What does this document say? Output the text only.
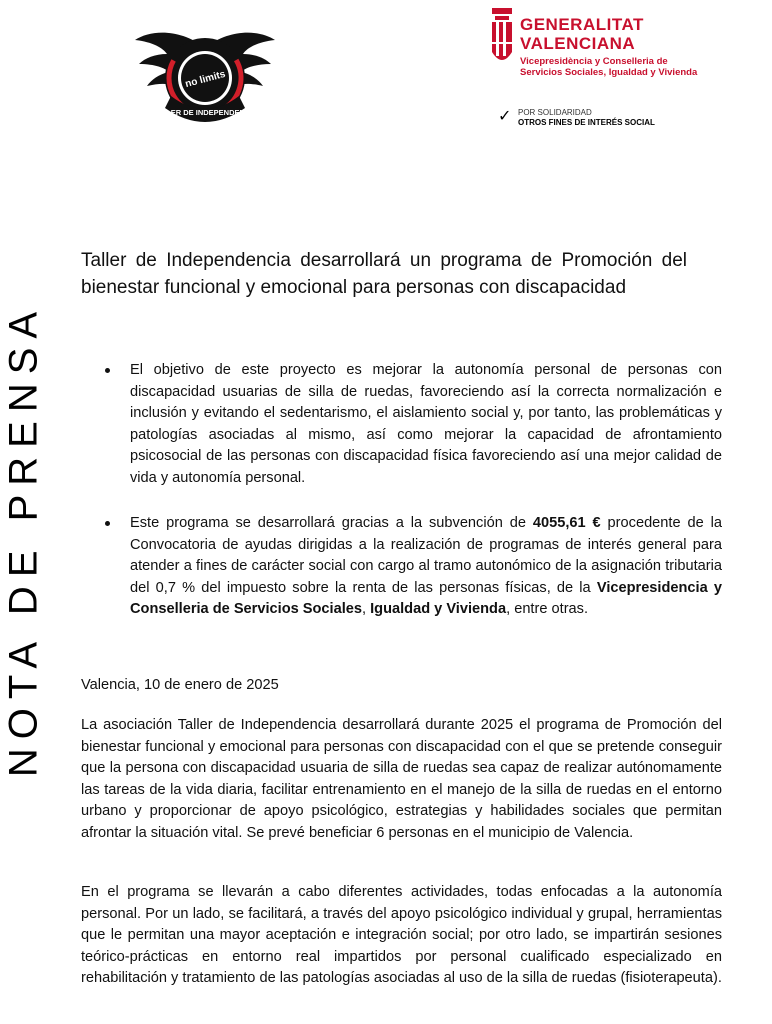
no limits
TALLER DE INDEPENDENCIA
GENERALITAT
VALENCIANA
Vicepresidència y Conselleria de
Servicios Sociales, Igualdad y Vivienda
✓ POR SOLIDARIDAD
OTROS FINES DE INTERÉS SOCIAL
NOTA DE PRENSA
Taller de Independencia desarrollará un programa de Promoción del bienestar funcional y emocional para personas con discapacidad

El objetivo de este proyecto es mejorar la autonomía personal de personas con discapacidad usuarias de silla de ruedas, favoreciendo así la correcta normalización e inclusión y evitando el sedentarismo, el aislamiento social y, por tanto, las problemáticas y patologías asociadas al mismo, así como mejorar la capacidad de afrontamiento psicosocial de las personas con discapacidad física favoreciendo así una mejor calidad de vida y autonomía personal.

Este programa se desarrollará gracias a la subvención de 4055,61 € procedente de la Convocatoria de ayudas dirigidas a la realización de programas de interés general para atender a fines de carácter social con cargo al tramo autonómico de la asignación tributaria del 0,7 % del impuesto sobre la renta de las personas físicas, de la Vicepresidencia y Conselleria de Servicios Sociales, Igualdad y Vivienda, entre otras.

Valencia, 10 de enero de 2025

La asociación Taller de Independencia desarrollará durante 2025 el programa de Promoción del bienestar funcional y emocional para personas con discapacidad con el que se pretende conseguir que la persona con discapacidad usuaria de silla de ruedas sea capaz de realizar autónomamente las tareas de la vida diaria, facilitar entrenamiento en el manejo de la silla de ruedas en el entorno urbano y proporcionar de apoyo psicológico, estrategias y habilidades sociales que permitan afrontar la situación vital. Se prevé beneficiar 6 personas en el municipio de Valencia.

En el programa se llevarán a cabo diferentes actividades, todas enfocadas a la autonomía personal. Por un lado, se facilitará, a través del apoyo psicológico individual y grupal, herramientas que le permitan una mayor aceptación e integración social; por otro lado, se impartirán sesiones teórico-prácticas en entorno real impartidos por personal cualificado especializado en rehabilitación y tratamiento de las patologías asociadas al uso de la silla de ruedas (fisioterapeuta).
